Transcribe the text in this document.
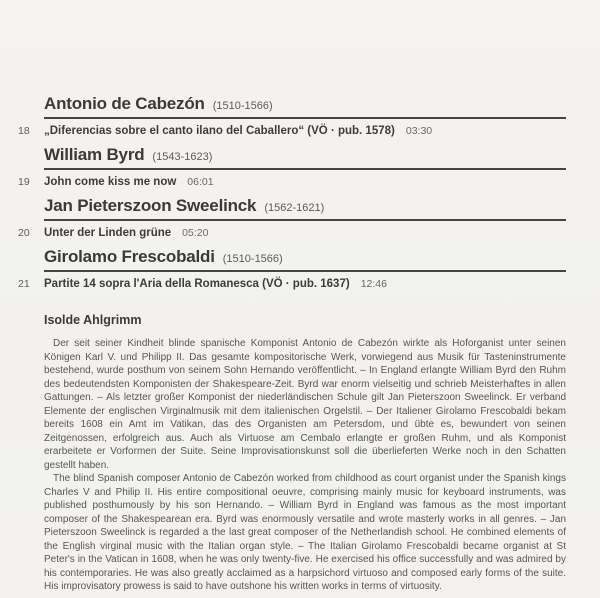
Antonio de Cabezón (1510-1566)
18	„Diferencias sobre el canto ilano del Caballero“ (VÖ · pub. 1578) 03:30
William Byrd (1543-1623)
19	John come kiss me now 06:01
Jan Pieterszoon Sweelinck (1562-1621)
20	Unter der Linden grüne 05:20
Girolamo Frescobaldi (1510-1566)
21	Partite 14 sopra l'Aria della Romanesca (VÖ · pub. 1637) 12:46
Isolde Ahlgrimm

Der seit seiner Kindheit blinde spanische Komponist Antonio de Cabezón wirkte als Hoforganist unter seinen Königen Karl V. und Philipp II. Das gesamte kompositorische Werk, vorwiegend aus Musik für Tasteninstrumente bestehend, wurde posthum von seinem Sohn Hernando veröffentlicht. – In England erlangte William Byrd den Ruhm des bedeutendsten Komponisten der Shakespeare-Zeit. Byrd war enorm vielseitig und schrieb Meisterhaftes in allen Gattungen. – Als letzter großer Komponist der niederländischen Schule gilt Jan Pieterszoon Sweelinck. Er verband Elemente der englischen Virginalmusik mit dem italienischen Orgelstil. – Der Italiener Girolamo Frescobaldi bekam bereits 1608 ein Amt im Vatikan, das des Organisten am Petersdom, und übte es, bewundert von seinen Zeitgenossen, erfolgreich aus. Auch als Virtuose am Cembalo erlangte er großen Ruhm, und als Komponist erarbeitete er Vorformen der Suite. Seine Improvisationskunst soll die überlieferten Werke noch in den Schatten gestellt haben.

The blind Spanish composer Antonio de Cabezón worked from childhood as court organist under the Spanish kings Charles V and Philip II. His entire compositional oeuvre, comprising mainly music for keyboard instruments, was published posthumously by his son Hernando. – William Byrd in England was famous as the most important composer of the Shakespearean era. Byrd was enormously versatile and wrote masterly works in all genres. – Jan Pieterszoon Sweelinck is regarded a the last great composer of the Netherlandish school. He combined elements of the English virginal music with the Italian organ style. – The Italian Girolamo Frescobaldi became organist at St Peter's in the Vatican in 1608, when he was only twenty-five. He exercised his office successfully and was admired by his contemporaries. He was also greatly acclaimed as a harpsichord virtuoso and composed early forms of the suite. His improvisatory prowess is said to have outshone his written works in terms of virtuosity.
